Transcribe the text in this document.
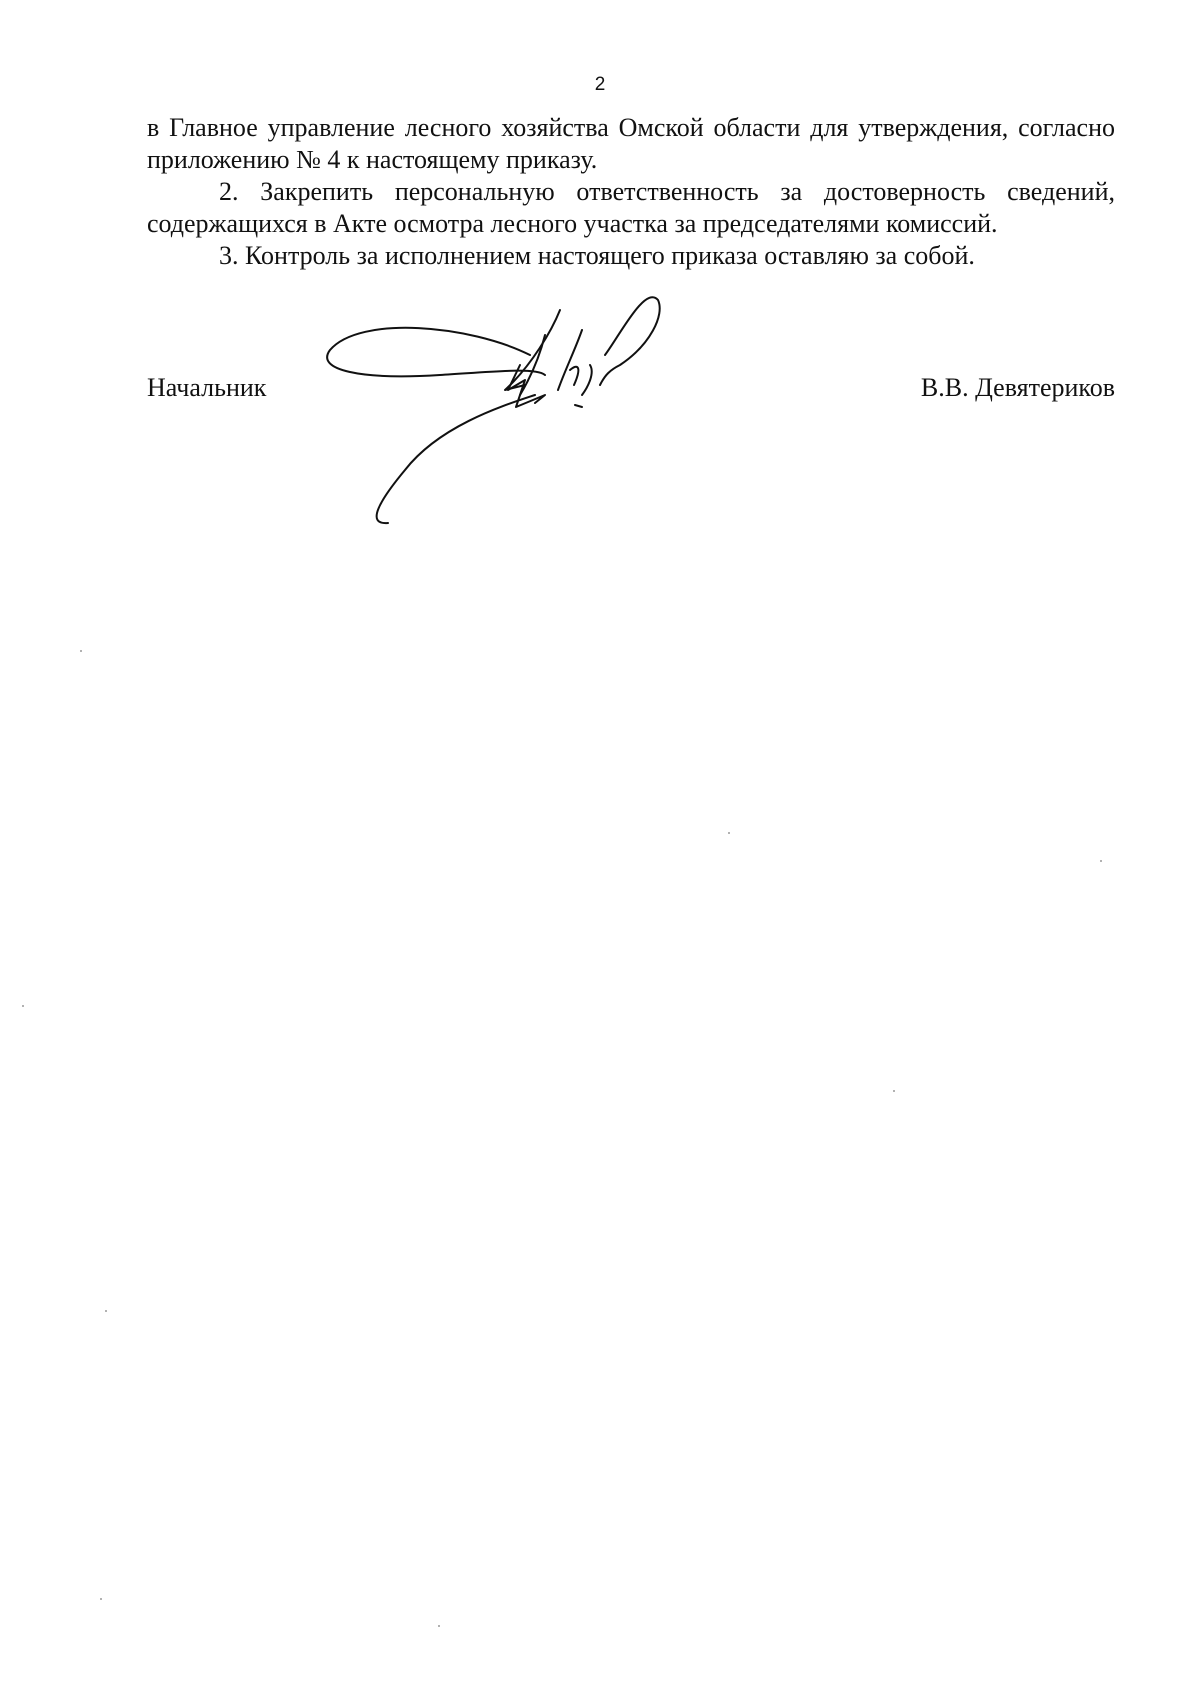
2

в Главное управление лесного хозяйства Омской области для утверждения, согласно приложению № 4 к настоящему приказу.

2. Закрепить персональную ответственность за достоверность сведений, содержащихся в Акте осмотра лесного участка за председателями комиссий.

3. Контроль за исполнением настоящего приказа оставляю за собой.

Начальник	В.В. Девятериков
